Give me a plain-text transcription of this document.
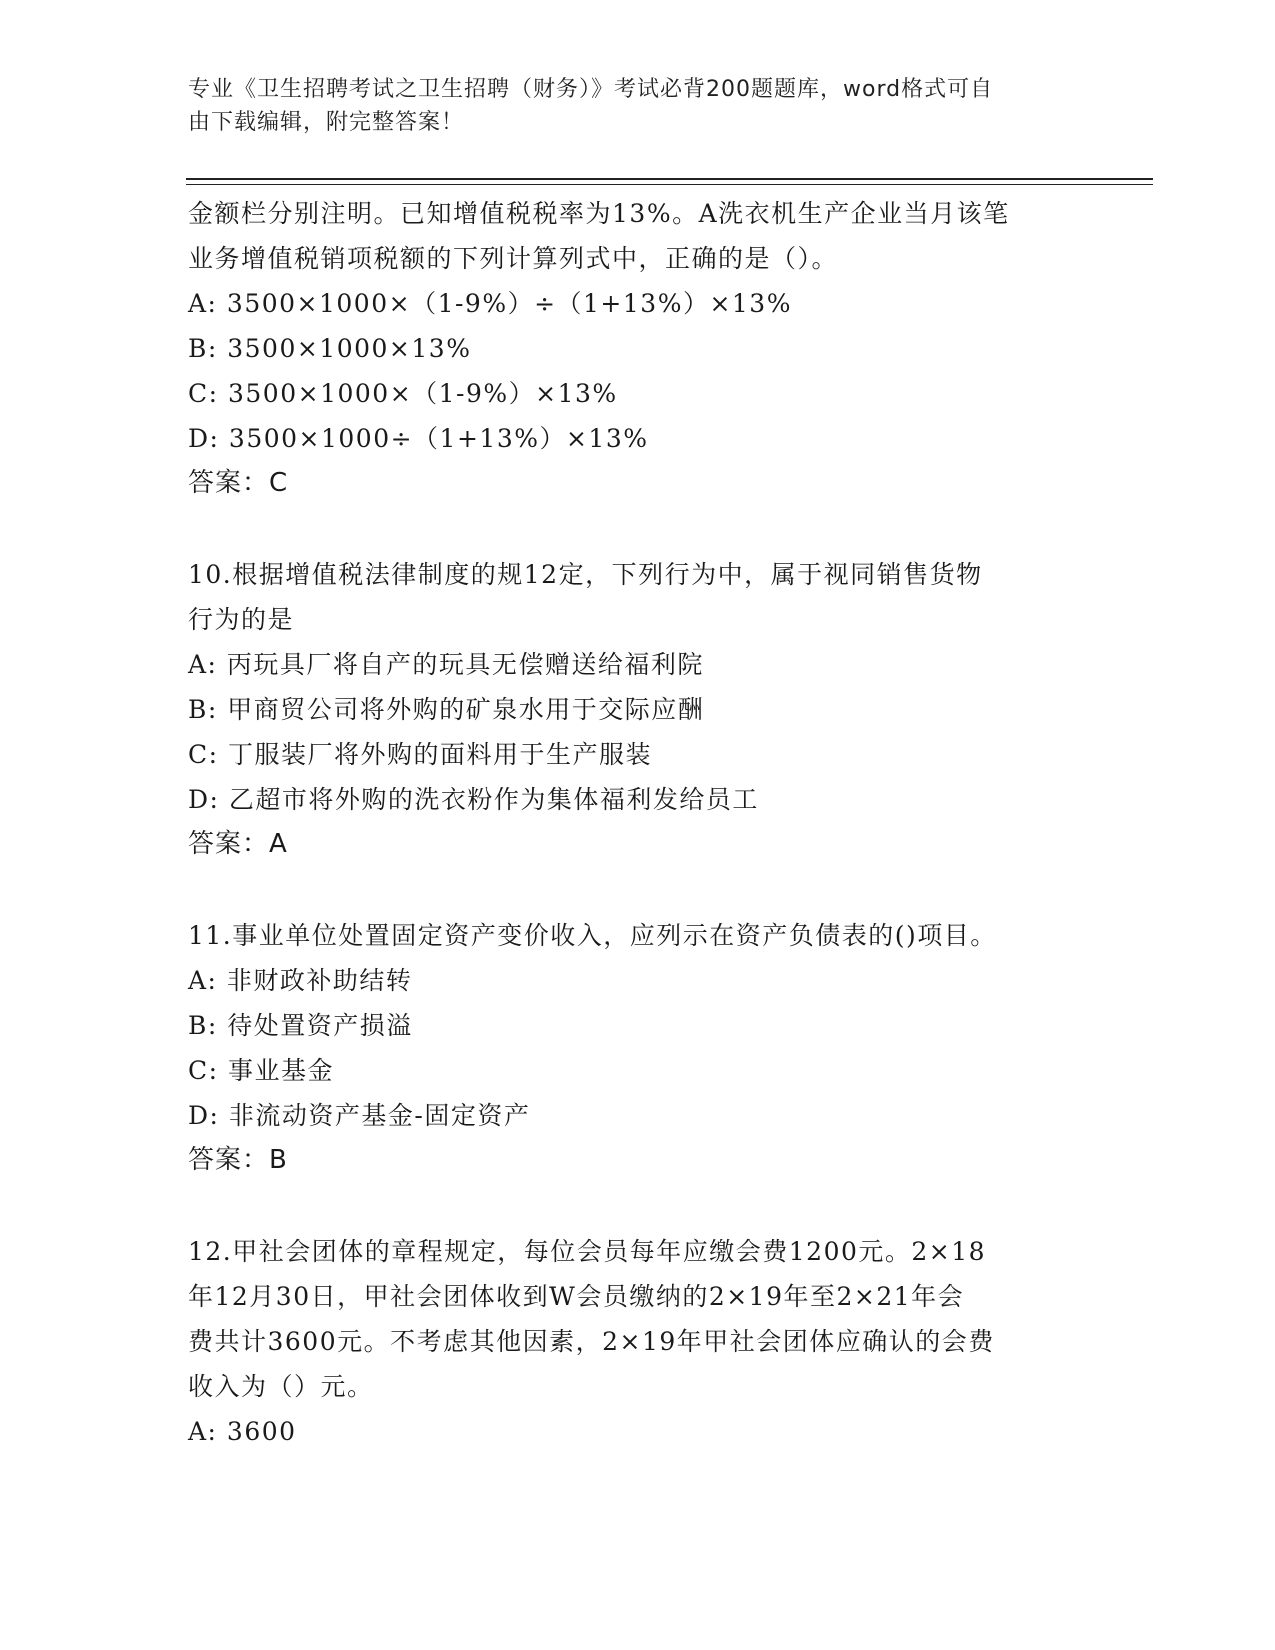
专业《卫生招聘考试之卫生招聘（财务）》考试必背200题题库，word格式可自
由下载编辑，附完整答案！
金额栏分别注明。已知增值税税率为13%。A洗衣机生产企业当月该笔
业务增值税销项税额的下列计算列式中，正确的是（）。
A: 3500×1000×（1-9%）÷（1+13%）×13%
B: 3500×1000×13%
C: 3500×1000×（1-9%）×13%
D: 3500×1000÷（1+13%）×13%
答案：C
10.根据增值税法律制度的规12定，下列行为中，属于视同销售货物
行为的是
A: 丙玩具厂将自产的玩具无偿赠送给福利院
B: 甲商贸公司将外购的矿泉水用于交际应酬
C: 丁服装厂将外购的面料用于生产服装
D: 乙超市将外购的洗衣粉作为集体福利发给员工
答案：A
11.事业单位处置固定资产变价收入，应列示在资产负债表的()项目。
A: 非财政补助结转
B: 待处置资产损溢
C: 事业基金
D: 非流动资产基金-固定资产
答案：B
12.甲社会团体的章程规定，每位会员每年应缴会费1200元。2×18
年12月30日，甲社会团体收到W会员缴纳的2×19年至2×21年会
费共计3600元。不考虑其他因素，2×19年甲社会团体应确认的会费
收入为（）元。
A: 3600
